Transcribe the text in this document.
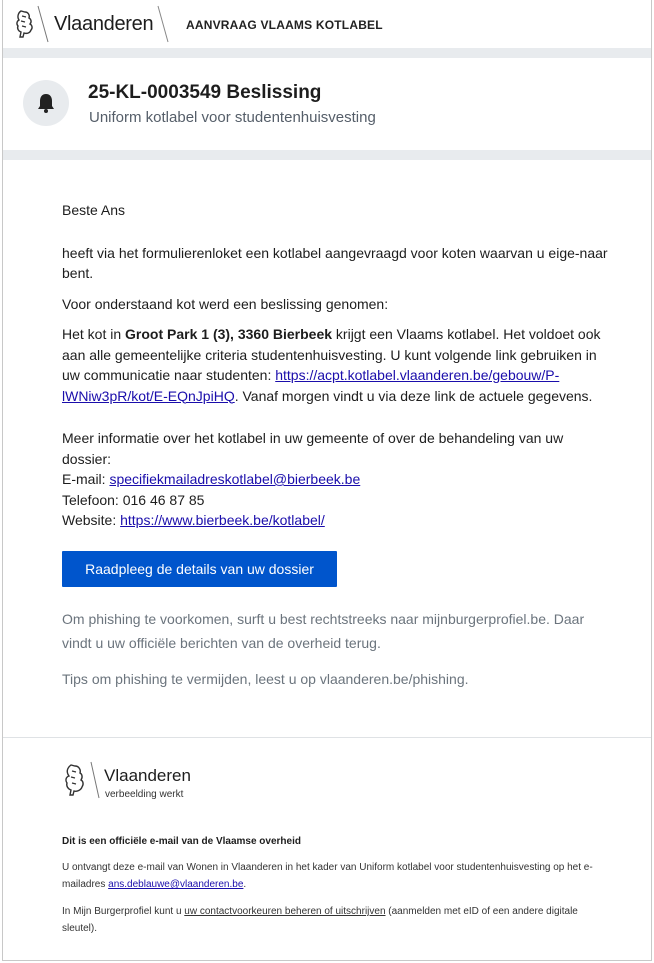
Vlaanderen	AANVRAAG VLAAMS KOTLABEL
25-KL-0003549 Beslissing
Uniform kotlabel voor studentenhuisvesting

Beste Ans

heeft via het formulierenloket een kotlabel aangevraagd voor koten waarvan u eige-naar bent.

Voor onderstaand kot werd een beslissing genomen:

Het kot in Groot Park 1 (3), 3360 Bierbeek krijgt een Vlaams kotlabel. Het voldoet ook aan alle gemeentelijke criteria studentenhuisvesting. U kunt volgende link gebruiken in uw communicatie naar studenten: https://acpt.kotlabel.vlaanderen.be/gebouw/P-lWNiw3pR/kot/E-EQnJpiHQ. Vanaf morgen vindt u via deze link de actuele gegevens.

Meer informatie over het kotlabel in uw gemeente of over de behandeling van uw dossier:
E-mail: specifiekmailadreskotlabel@bierbeek.be
Telefoon: 016 46 87 85
Website: https://www.bierbeek.be/kotlabel/
Raadpleeg de details van uw dossier

Om phishing te voorkomen, surft u best rechtstreeks naar mijnburgerprofiel.be. Daar vindt u uw officiële berichten van de overheid terug.

Tips om phishing te vermijden, leest u op vlaanderen.be/phishing.

Vlaanderen
verbeelding werkt
Dit is een officiële e-mail van de Vlaamse overheid
U ontvangt deze e-mail van Wonen in Vlaanderen in het kader van Uniform kotlabel voor studentenhuisvesting op het e-mailadres ans.deblauwe@vlaanderen.be.
In Mijn Burgerprofiel kunt u uw contactvoorkeuren beheren of uitschrijven (aanmelden met eID of een andere digitale sleutel).
